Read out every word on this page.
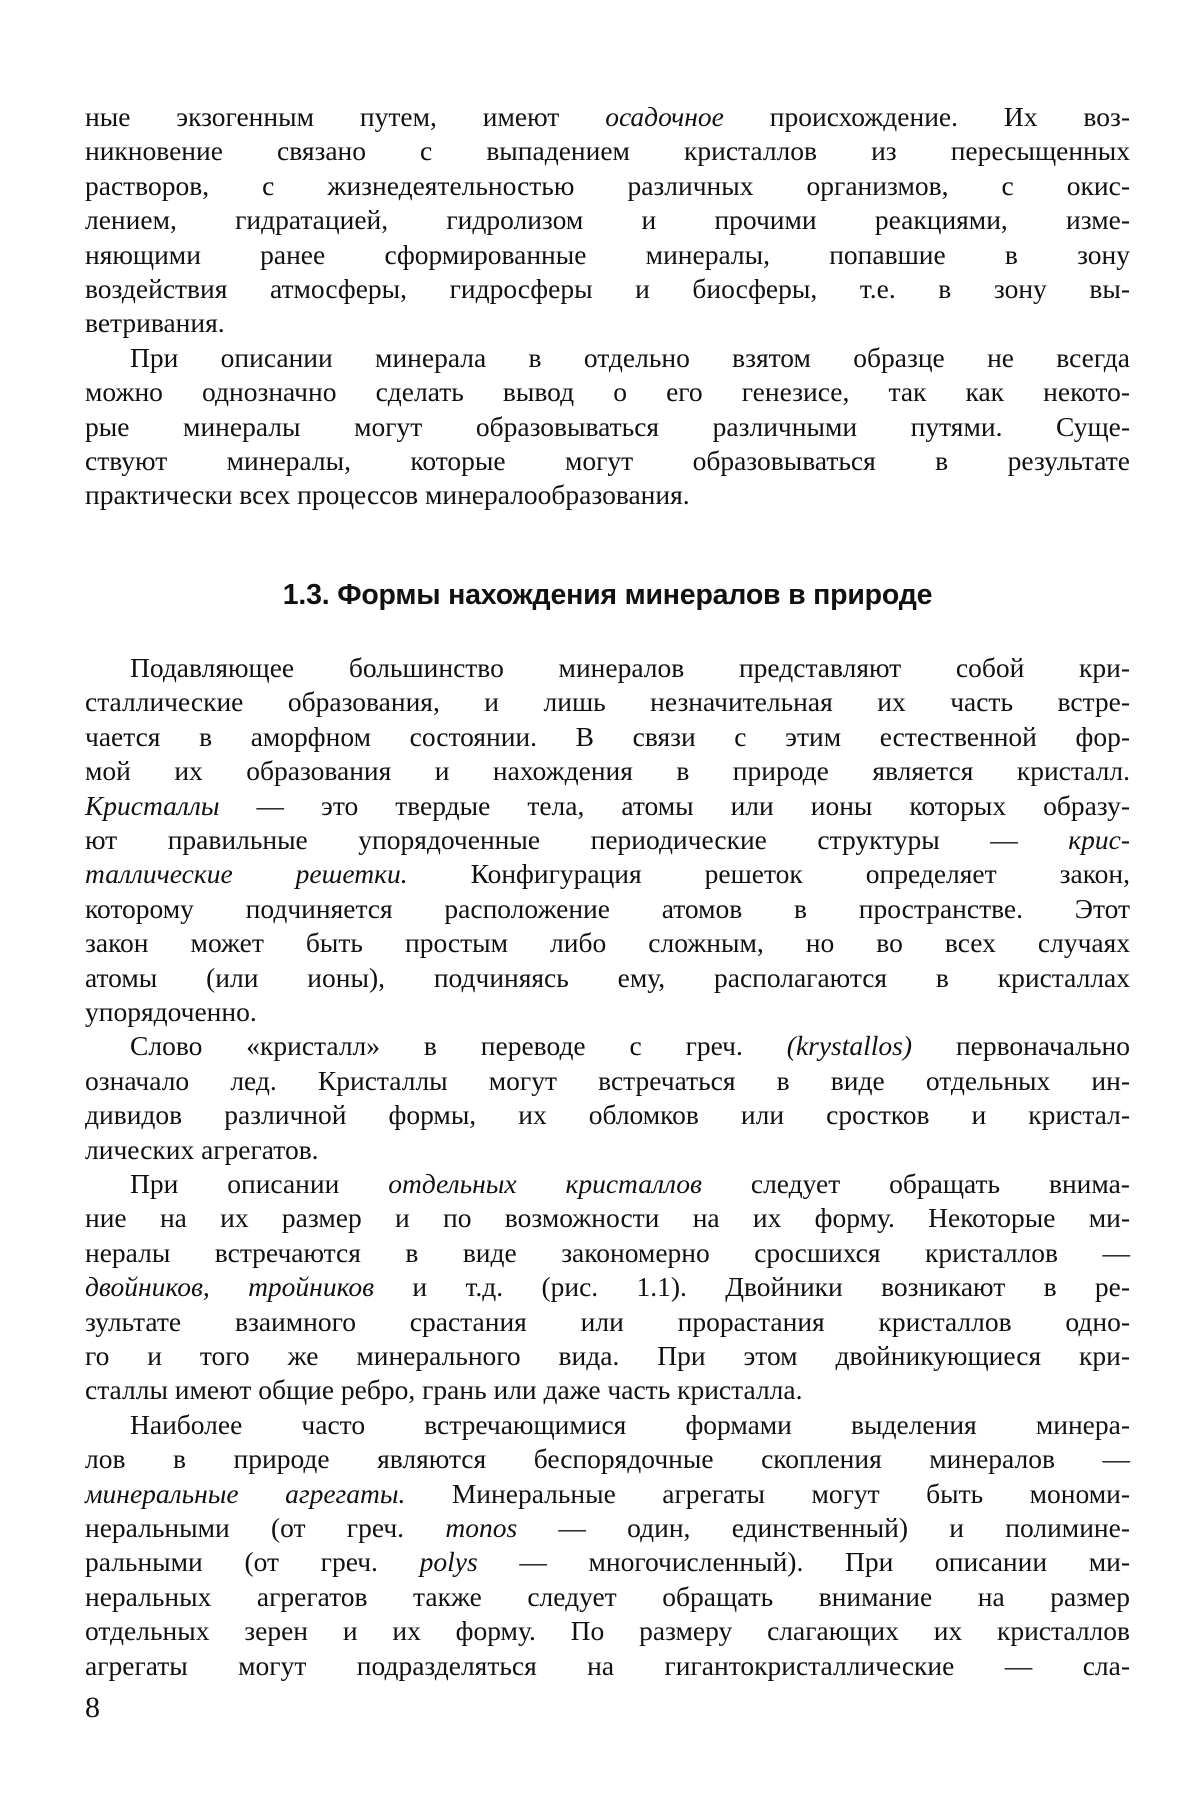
ные экзогенным путем, имеют осадочное происхождение. Их воз-
никновение связано с выпадением кристаллов из пересыщенных
растворов, с жизнедеятельностью различных организмов, с окис-
лением, гидратацией, гидролизом и прочими реакциями, изме-
няющими ранее сформированные минералы, попавшие в зону
воздействия атмосферы, гидросферы и биосферы, т.е. в зону вы-
ветривания.
При описании минерала в отдельно взятом образце не всегда
можно однозначно сделать вывод о его генезисе, так как некото-
рые минералы могут образовываться различными путями. Суще-
ствуют минералы, которые могут образовываться в результате
практически всех процессов минералообразования.
1.3. Формы нахождения минералов в природе
Подавляющее большинство минералов представляют собой кри-
сталлические образования, и лишь незначительная их часть встре-
чается в аморфном состоянии. В связи с этим естественной фор-
мой их образования и нахождения в природе является кристалл.
Кристаллы — это твердые тела, атомы или ионы которых образу-
ют правильные упорядоченные периодические структуры — крис-
таллические решетки. Конфигурация решеток определяет закон,
которому подчиняется расположение атомов в пространстве. Этот
закон может быть простым либо сложным, но во всех случаях
атомы (или ионы), подчиняясь ему, располагаются в кристаллах
упорядоченно.
Слово «кристалл» в переводе с греч. (krystallos) первоначально
означало лед. Кристаллы могут встречаться в виде отдельных ин-
дивидов различной формы, их обломков или сростков и кристал-
лических агрегатов.
При описании отдельных кристаллов следует обращать внима-
ние на их размер и по возможности на их форму. Некоторые ми-
нералы встречаются в виде закономерно сросшихся кристаллов —
двойников, тройников и т.д. (рис. 1.1). Двойники возникают в ре-
зультате взаимного срастания или прорастания кристаллов одно-
го и того же минерального вида. При этом двойникующиеся кри-
сталлы имеют общие ребро, грань или даже часть кристалла.
Наиболее часто встречающимися формами выделения минера-
лов в природе являются беспорядочные скопления минералов —
минеральные агрегаты. Минеральные агрегаты могут быть мономи-
неральными (от греч. monos — один, единственный) и полимине-
ральными (от греч. polys — многочисленный). При описании ми-
неральных агрегатов также следует обращать внимание на размер
отдельных зерен и их форму. По размеру слагающих их кристаллов
агрегаты могут подразделяться на гигантокристаллические — сла-
8
